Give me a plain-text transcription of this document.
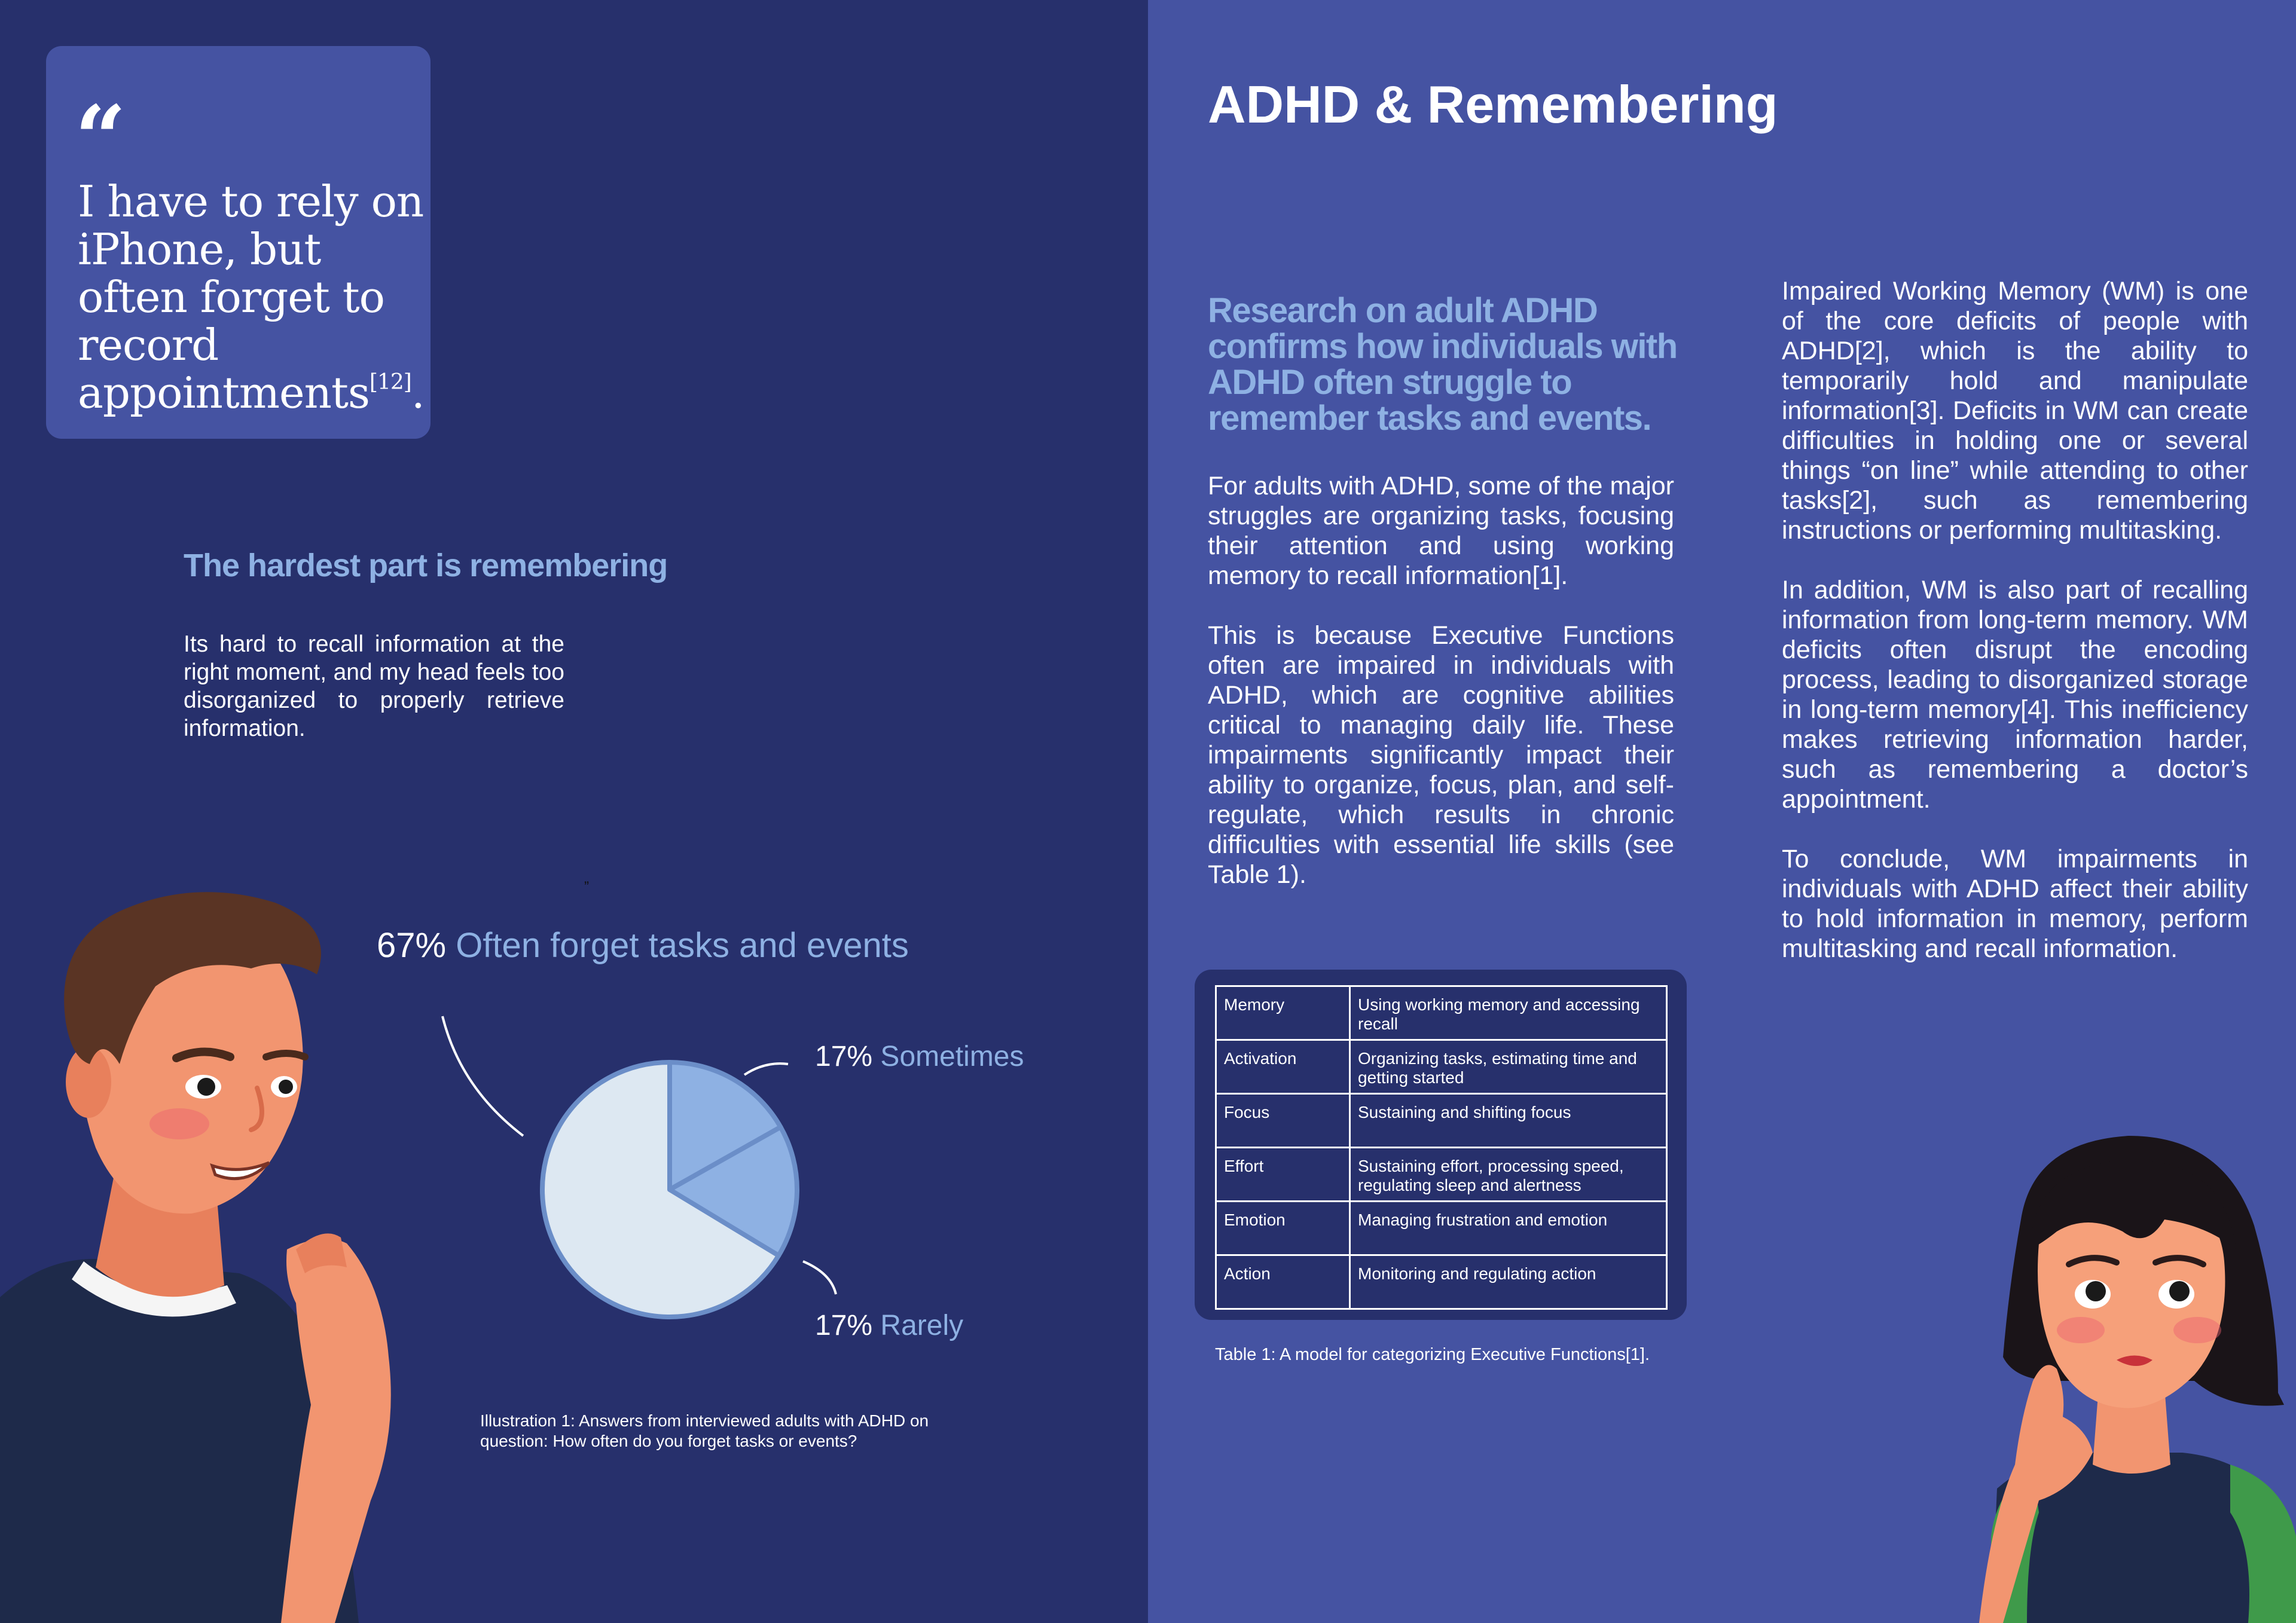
“
I have to rely on iPhone, but often forget to record appointments[12].
The hardest part is remembering

Its hard to recall information at the right moment, and my head feels too disorganized to properly retrieve information.

”
67% Often forget tasks and events
17% Sometimes
17% Rarely

Illustration 1: Answers from interviewed adults with ADHD on question: How often do you forget tasks or events?

ADHD & Remembering
Research on adult ADHD confirms how individuals with ADHD often struggle to remember tasks and events.

For adults with ADHD, some of the major struggles are organizing tasks, focusing their attention and using working memory to recall information[1].

This is because Executive Functions often are impaired in individuals with ADHD, which are cognitive abilities critical to managing daily life. These impairments significantly impact their ability to organize, focus, plan, and self- regulate, which results in chronic difficulties with essential life skills (see Table 1).

Impaired Working Memory (WM) is one of the core deficits of people with ADHD[2], which is the ability to temporarily hold and manipulate information[3]. Deficits in WM can create difficulties in holding one or several things “on line” while attending to other tasks[2], such as remembering instructions or performing multitasking.

In addition, WM is also part of recalling information from long-term memory. WM deficits often disrupt the encoding process, leading to disorganized storage in long-term memory[4]. This inefficiency makes retrieving information harder, such as remembering a doctor’s appointment.

To conclude, WM impairments in individuals with ADHD affect their ability to hold information in memory, perform multitasking and recall information.

Memory	Using working memory and accessing recall
Activation	Organizing tasks, estimating time and getting started
Focus	Sustaining and shifting focus
Effort	Sustaining effort, processing speed, regulating sleep and alertness
Emotion	Managing frustration and emotion
Action	Monitoring and regulating action

Table 1: A model for categorizing Executive Functions[1].
